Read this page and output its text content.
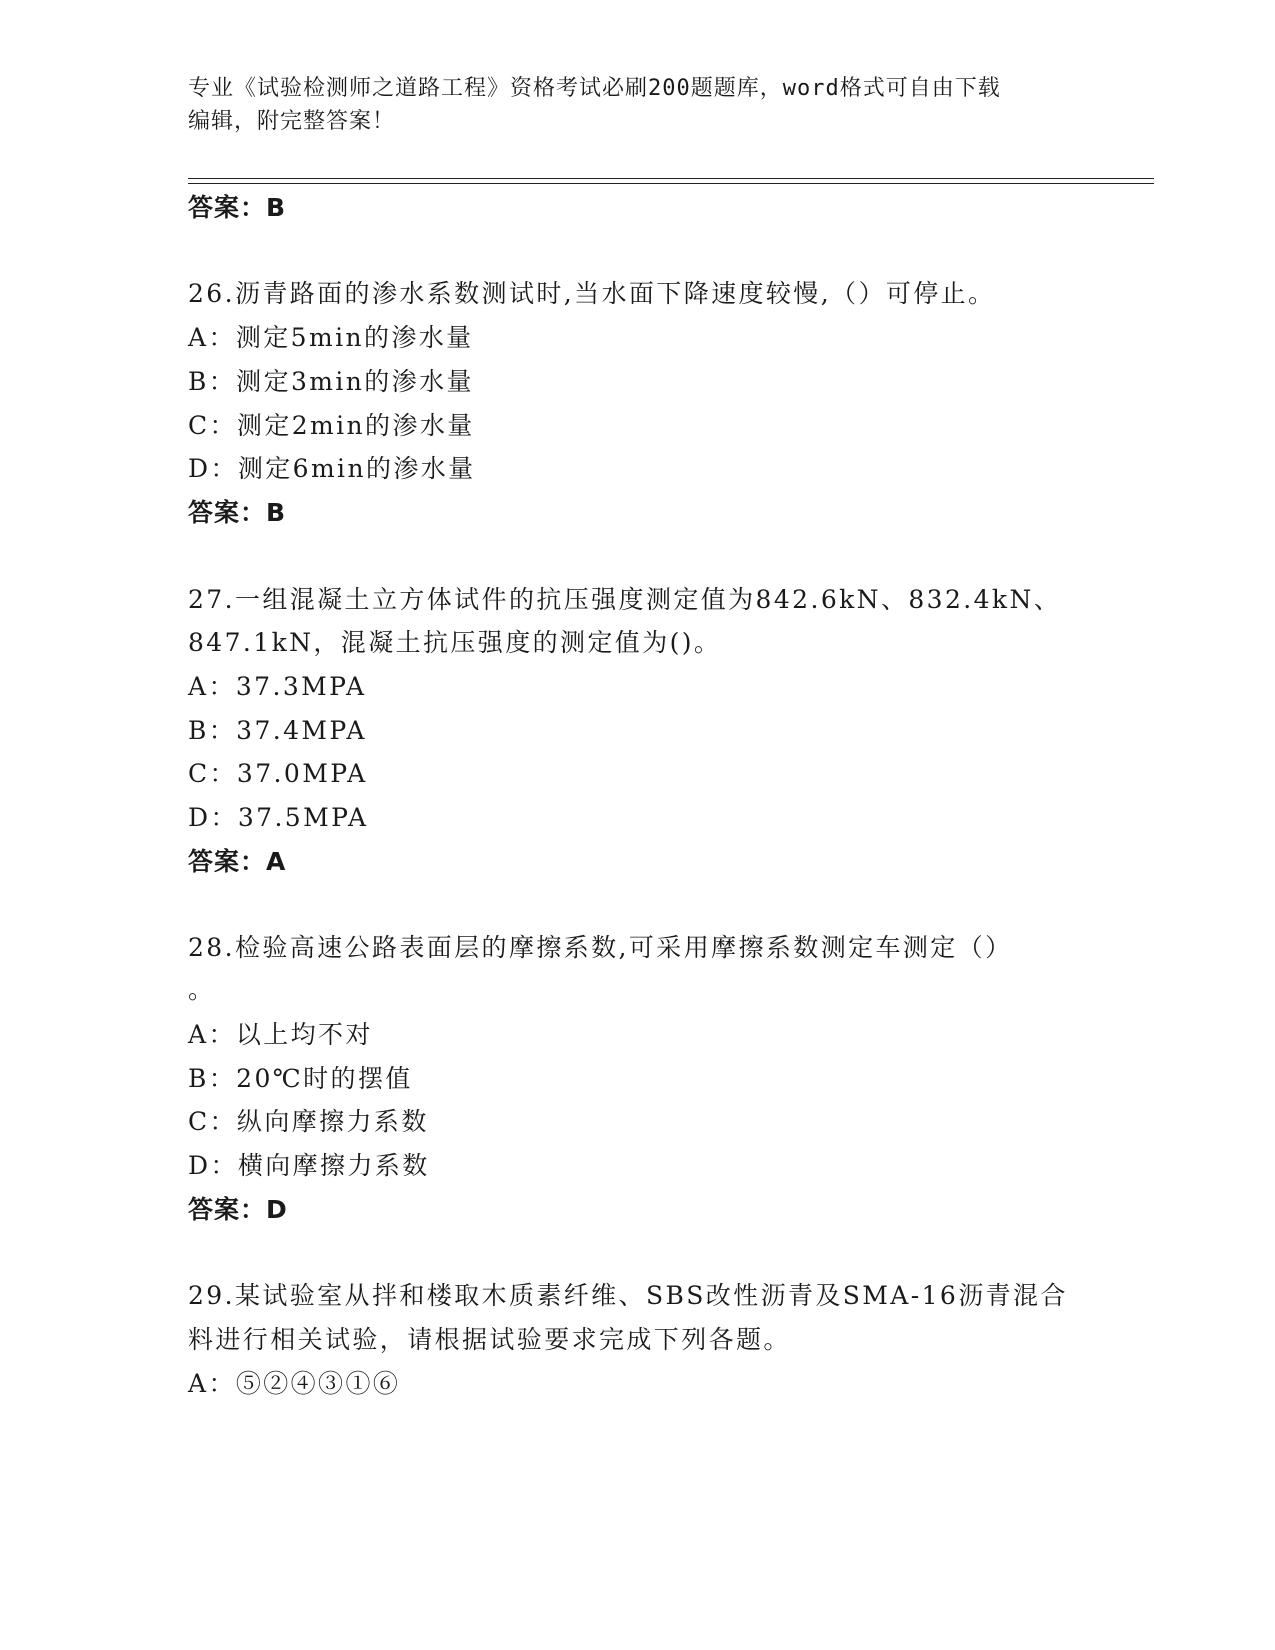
专业《试验检测师之道路工程》资格考试必刷200题题库，word格式可自由下载
编辑，附完整答案！
答案：B
26.沥青路面的渗水系数测试时,当水面下降速度较慢,（）可停止。
A：测定5min的渗水量
B：测定3min的渗水量
C：测定2min的渗水量
D：测定6min的渗水量
答案：B
27.一组混凝土立方体试件的抗压强度测定值为842.6kN、832.4kN、
847.1kN，混凝土抗压强度的测定值为()。
A：37.3MPA
B：37.4MPA
C：37.0MPA
D：37.5MPA
答案：A
28.检验高速公路表面层的摩擦系数,可采用摩擦系数测定车测定（）
。
A：以上均不对
B：20℃时的摆值
C：纵向摩擦力系数
D：横向摩擦力系数
答案：D
29.某试验室从拌和楼取木质素纤维、SBS改性沥青及SMA-16沥青混合
料进行相关试验，请根据试验要求完成下列各题。
A：⑤②④③①⑥
